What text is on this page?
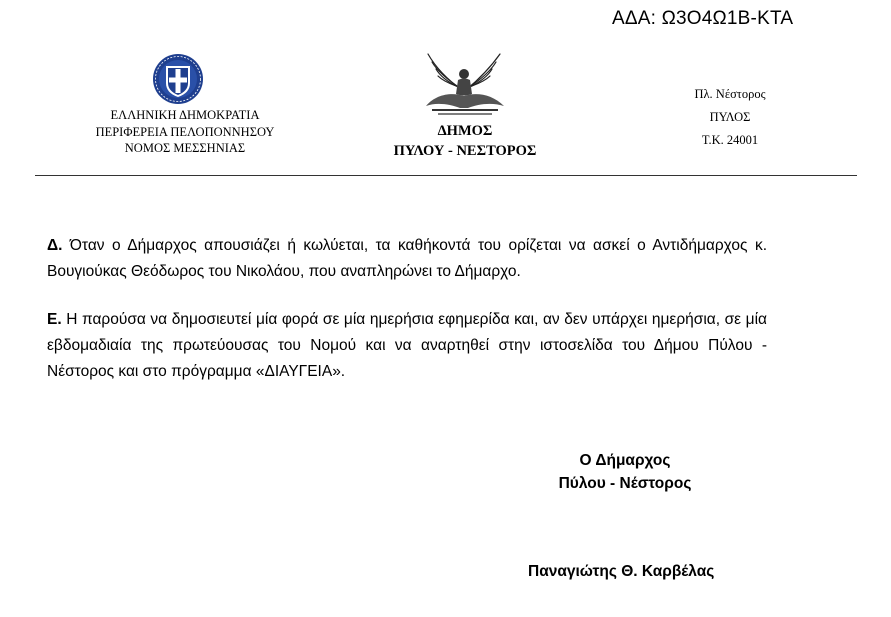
ΑΔΑ: Ω3Ο4Ω1Β-ΚΤΑ
ΕΛΛΗΝΙΚΗ ΔΗΜΟΚΡΑΤΙΑ
ΠΕΡΙΦΕΡΕΙΑ ΠΕΛΟΠΟΝΝΗΣΟΥ
ΝΟΜΟΣ ΜΕΣΣΗΝΙΑΣ
ΔΗΜΟΣ
ΠΥΛΟΥ - ΝΕΣΤΟΡΟΣ
Πλ. Νέστορος
ΠΥΛΟΣ
Τ.Κ. 24001
Δ. Όταν ο Δήμαρχος απουσιάζει ή κωλύεται, τα καθήκοντά του ορίζεται να ασκεί ο Αντιδήμαρχος κ. Βουγιούκας Θεόδωρος του Νικολάου, που αναπληρώνει το Δήμαρχο.
Ε. Η παρούσα να δημοσιευτεί μία φορά σε μία ημερήσια εφημερίδα και, αν δεν υπάρχει ημερήσια, σε μία εβδομαδιαία της πρωτεύουσας του Νομού και να αναρτηθεί στην ιστοσελίδα του Δήμου Πύλου - Νέστορος και στο πρόγραμμα «ΔΙΑΥΓΕΙΑ».
Ο Δήμαρχος
Πύλου - Νέστορος
Παναγιώτης Θ. Καρβέλας
